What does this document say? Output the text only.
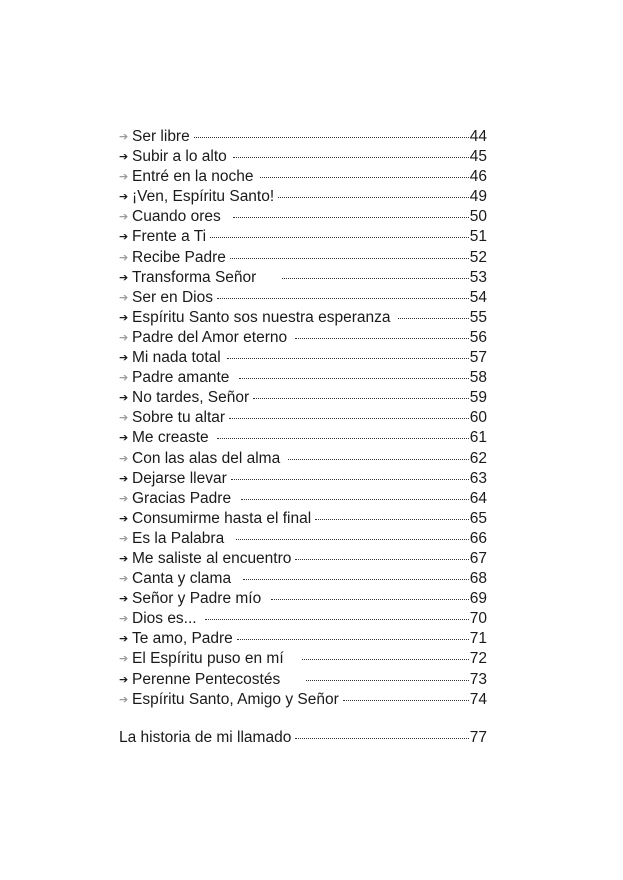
➔ Ser libre	44
➔ Subir a lo alto	45
➔ Entré en la noche	46
➔ ¡Ven, Espíritu Santo!	49
➔ Cuando ores	50
➔ Frente a Ti	51
➔ Recibe Padre	52
➔ Transforma Señor	53
➔ Ser en Dios	54
➔ Espíritu Santo sos nuestra esperanza	55
➔ Padre del Amor eterno	56
➔ Mi nada total	57
➔ Padre amante	58
➔ No tardes, Señor	59
➔ Sobre tu altar	60
➔ Me creaste	61
➔ Con las alas del alma	62
➔ Dejarse llevar	63
➔ Gracias Padre	64
➔ Consumirme hasta el final	65
➔ Es la Palabra	66
➔ Me saliste al encuentro	67
➔ Canta y clama	68
➔ Señor y Padre mío	69
➔ Dios es...	70
➔ Te amo, Padre	71
➔ El Espíritu puso en mí	72
➔ Perenne Pentecostés	73
➔ Espíritu Santo, Amigo y Señor	74
La historia de mi llamado	77
